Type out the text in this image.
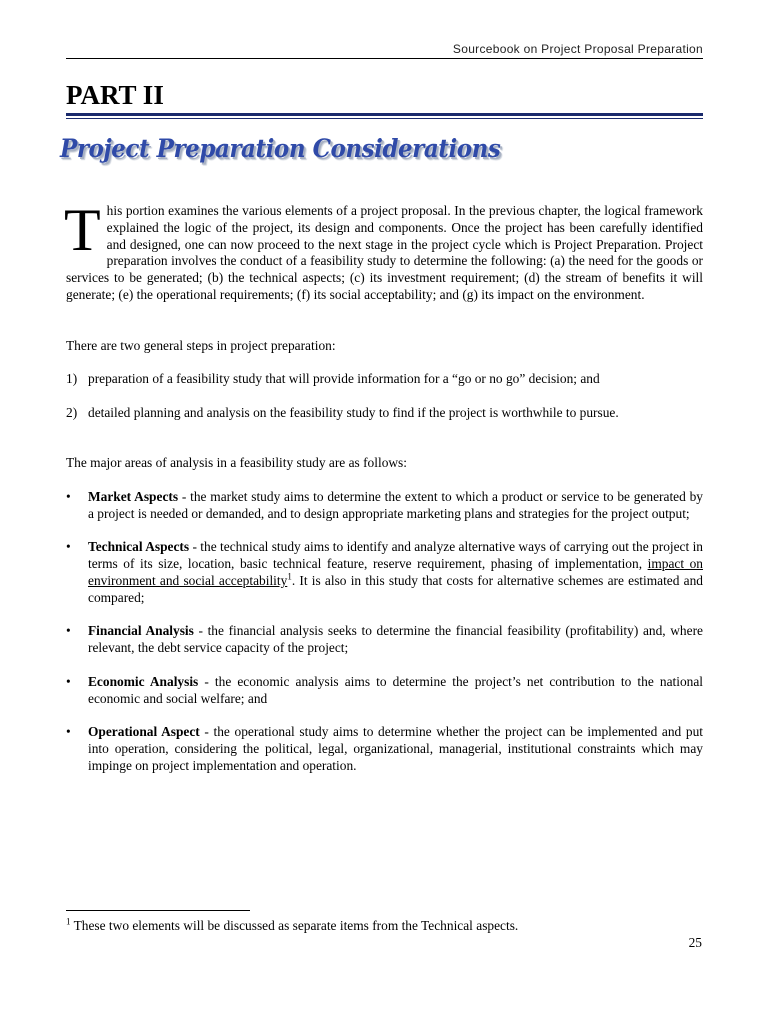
Sourcebook on Project Proposal Preparation
PART II
Project Preparation Considerations

This portion examines the various elements of a project proposal. In the previous chapter, the logical framework explained the logic of the project, its design and components. Once the project has been carefully identified and designed, one can now proceed to the next stage in the project cycle which is Project Preparation. Project preparation involves the conduct of a feasibility study to determine the following: (a) the need for the goods or services to be generated; (b) the technical aspects; (c) its investment requirement; (d) the stream of benefits it will generate; (e) the operational requirements; (f) its social acceptability; and (g) its impact on the environment.

There are two general steps in project preparation:

1) preparation of a feasibility study that will provide information for a “go or no go” decision; and
2) detailed planning and analysis on the feasibility study to find if the project is worthwhile to pursue.

The major areas of analysis in a feasibility study are as follows:

• Market Aspects - the market study aims to determine the extent to which a product or service to be generated by a project is needed or demanded, and to design appropriate marketing plans and strategies for the project output;
• Technical Aspects - the technical study aims to identify and analyze alternative ways of carrying out the project in terms of its size, location, basic technical feature, reserve requirement, phasing of implementation, impact on environment and social acceptability$^1$. It is also in this study that costs for alternative schemes are estimated and compared;
• Financial Analysis - the financial analysis seeks to determine the financial feasibility (profitability) and, where relevant, the debt service capacity of the project;
• Economic Analysis - the economic analysis aims to determine the project’s net contribution to the national economic and social welfare; and
• Operational Aspect - the operational study aims to determine whether the project can be implemented and put into operation, considering the political, legal, organizational, managerial, institutional constraints which may impinge on project implementation and operation.
$^1$ These two elements will be discussed as separate items from the Technical aspects.
25
